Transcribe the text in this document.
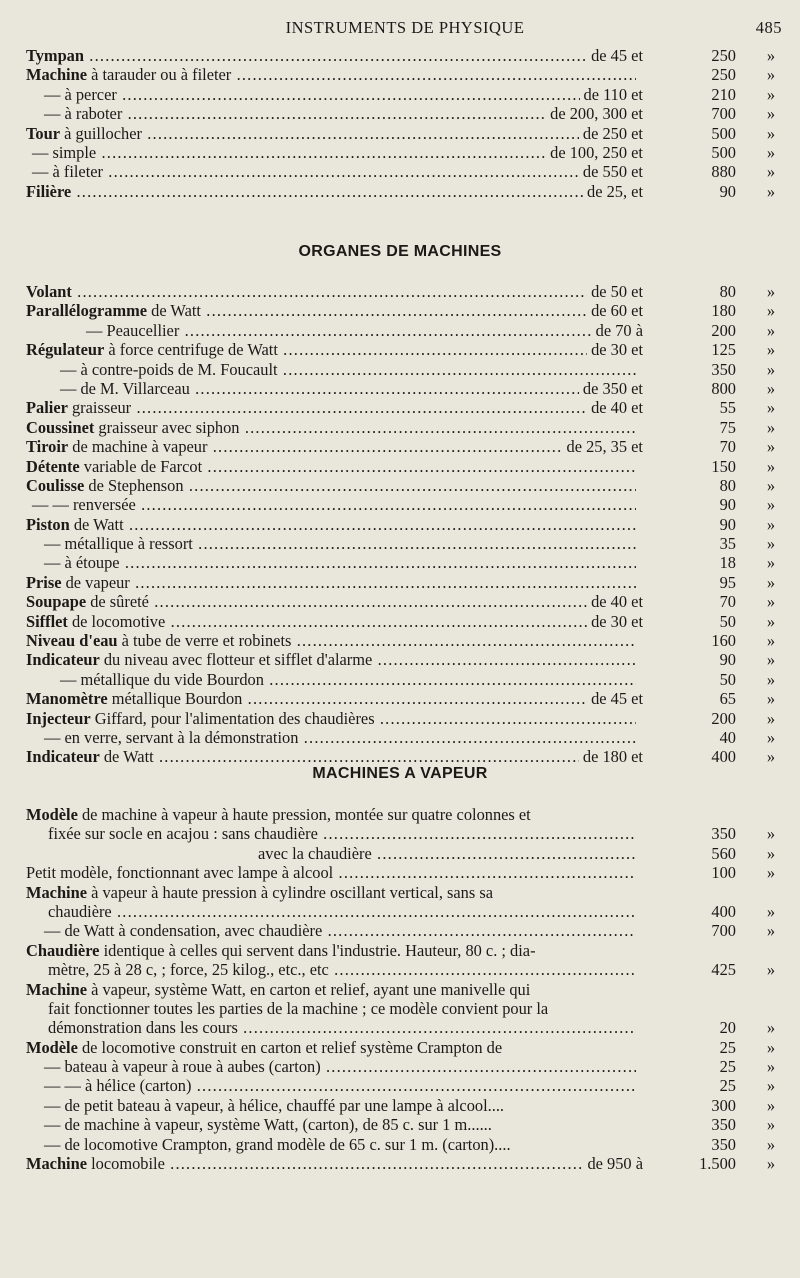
INSTRUMENTS DE PHYSIQUE	485
Tympan .....	de 45 et	250	»
Machine à tarauder ou à fileter .....	250	»
— à percer .....	de 110 et	210	»
— à raboter .....	de 200, 300 et	700	»
Tour à guillocher .....	de 250 et	500	»
— simple .....	de 100, 250 et	500	»
— à fileter .....	de 550 et	880	»
Filière .....	de 25, et	90	»
ORGANES DE MACHINES
Volant .....	de 50 et	80	»
Parallélogramme de Watt .....	de 60 et	180	»
— Peaucellier .....	de 70 à	200	»
Régulateur à force centrifuge de Watt .....	de 30 et	125	»
— à contre-poids de M. Foucault .....	350	»
— de M. Villarceau .....	de 350 et	800	»
Palier graisseur .....	de 40 et	55	»
Coussinet graisseur avec siphon .....	75	»
Tiroir de machine à vapeur .....	de 25, 35 et	70	»
Détente variable de Farcot .....	150	»
Coulisse de Stephenson .....	80	»
— — renversée .....	90	»
Piston de Watt .....	90	»
— métallique à ressort .....	35	»
— à étoupe .....	18	»
Prise de vapeur .....	95	»
Soupape de sûreté .....	de 40 et	70	»
Sifflet de locomotive .....	de 30 et	50	»
Niveau d'eau à tube de verre et robinets .....	160	»
Indicateur du niveau avec flotteur et sifflet d'alarme .....	90	»
— métallique du vide Bourdon .....	50	»
Manomètre métallique Bourdon .....	de 45 et	65	»
Injecteur Giffard, pour l'alimentation des chaudières .....	200	»
— en verre, servant à la démonstration .....	40	»
Indicateur de Watt .....	de 180 et	400	»
MACHINES A VAPEUR
Modèle de machine à vapeur à haute pression, montée sur quatre colonnes et
fixée sur socle en acajou : sans chaudière .....	350	»
avec la chaudière .....	560	»
Petit modèle, fonctionnant avec lampe à alcool .....	100	»
Machine à vapeur à haute pression à cylindre oscillant vertical, sans sa
chaudière .....	400	»
— de Watt à condensation, avec chaudière .....	700	»
Chaudière identique à celles qui servent dans l'industrie. Hauteur, 80 c. ; dia-
mètre, 25 à 28 c, ; force, 25 kilog., etc., etc .....	425	»
Machine à vapeur, système Watt, en carton et relief, ayant une manivelle qui
fait fonctionner toutes les parties de la machine ; ce modèle convient pour la
démonstration dans les cours .....	20	»
Modèle de locomotive construit en carton et relief système Crampton de	25	»
— bateau à vapeur à roue à aubes (carton) .....	25	»
— — à hélice (carton) .....	25	»
— de petit bateau à vapeur, à hélice, chauffé par une lampe à alcool....	300	»
— de machine à vapeur, système Watt, (carton), de 85 c. sur 1 m......	350	»
— de locomotive Crampton, grand modèle de 65 c. sur 1 m. (carton)....	350	»
Machine locomobile .....	de 950 à	1.500	»
